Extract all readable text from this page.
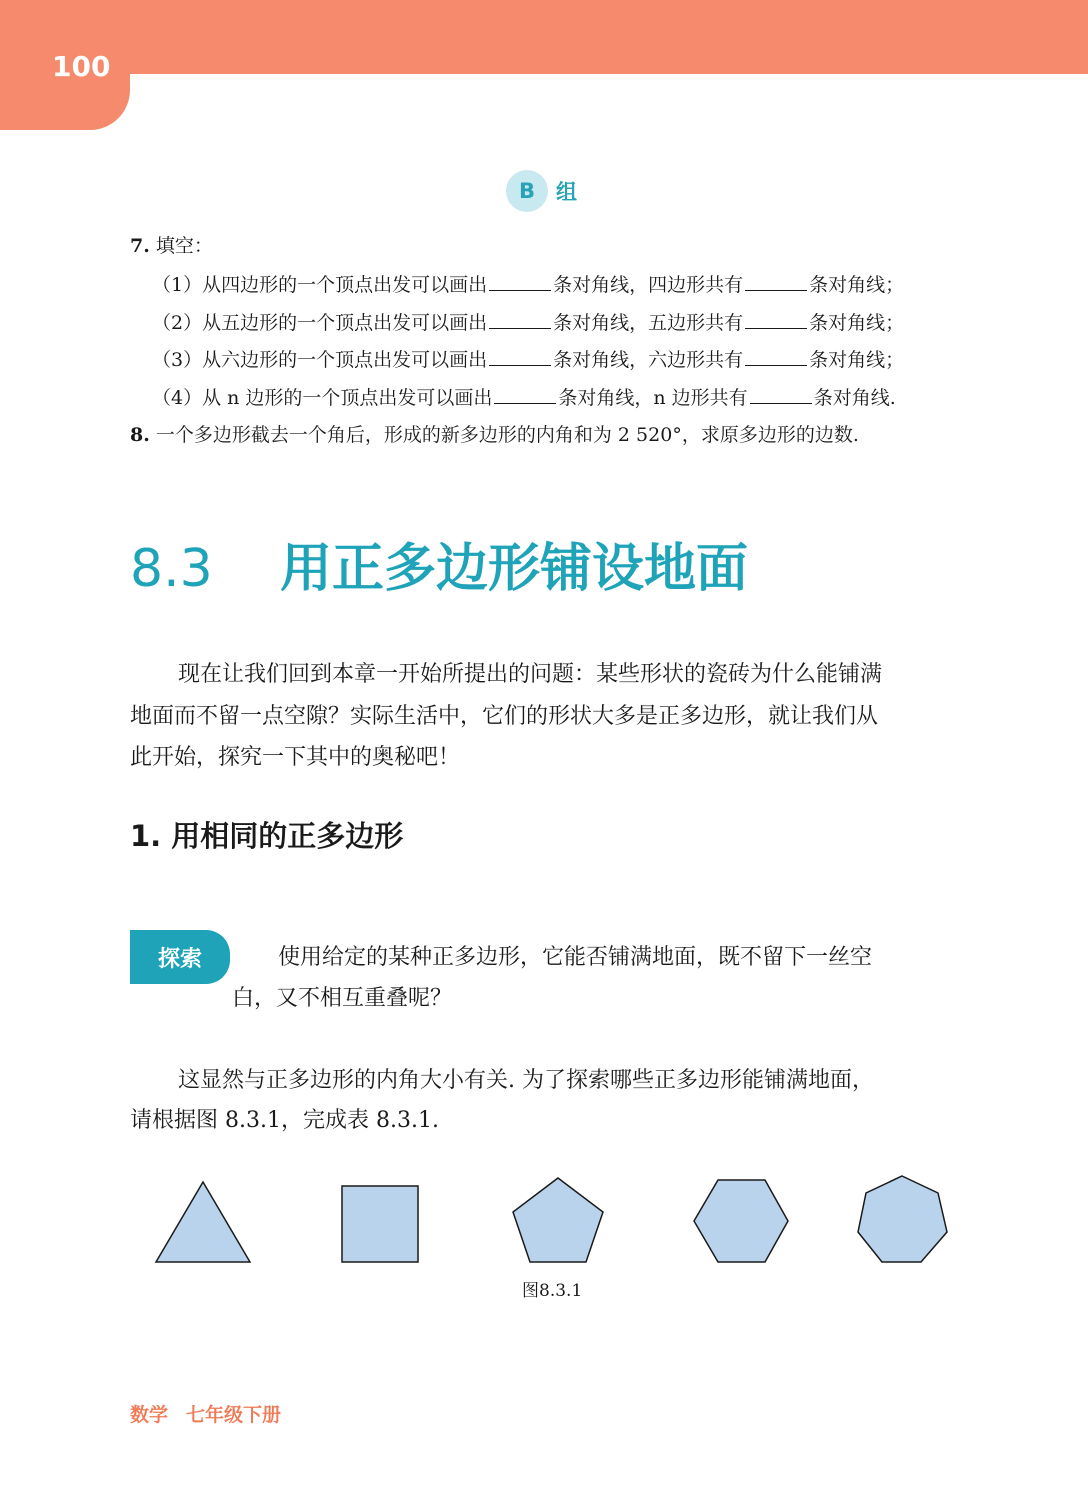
100
B	组
7. 填空：
（1）从四边形的一个顶点出发可以画出	条对角线，四边形共有	条对角线；
（2）从五边形的一个顶点出发可以画出	条对角线，五边形共有	条对角线；
（3）从六边形的一个顶点出发可以画出	条对角线，六边形共有	条对角线；
（4）从 n 边形的一个顶点出发可以画出	条对角线，n 边形共有	条对角线.
8. 一个多边形截去一个角后，形成的新多边形的内角和为 2 520°，求原多边形的边数.
8.3 用正多边形铺设地面
现在让我们回到本章一开始所提出的问题：某些形状的瓷砖为什么能铺满
地面而不留一点空隙？实际生活中，它们的形状大多是正多边形，就让我们从
此开始，探究一下其中的奥秘吧！
1. 用相同的正多边形
探索	使用给定的某种正多边形，它能否铺满地面，既不留下一丝空
白，又不相互重叠呢？
这显然与正多边形的内角大小有关. 为了探索哪些正多边形能铺满地面，
请根据图 8.3.1，完成表 8.3.1.
图8.3.1
数学 七年级下册
